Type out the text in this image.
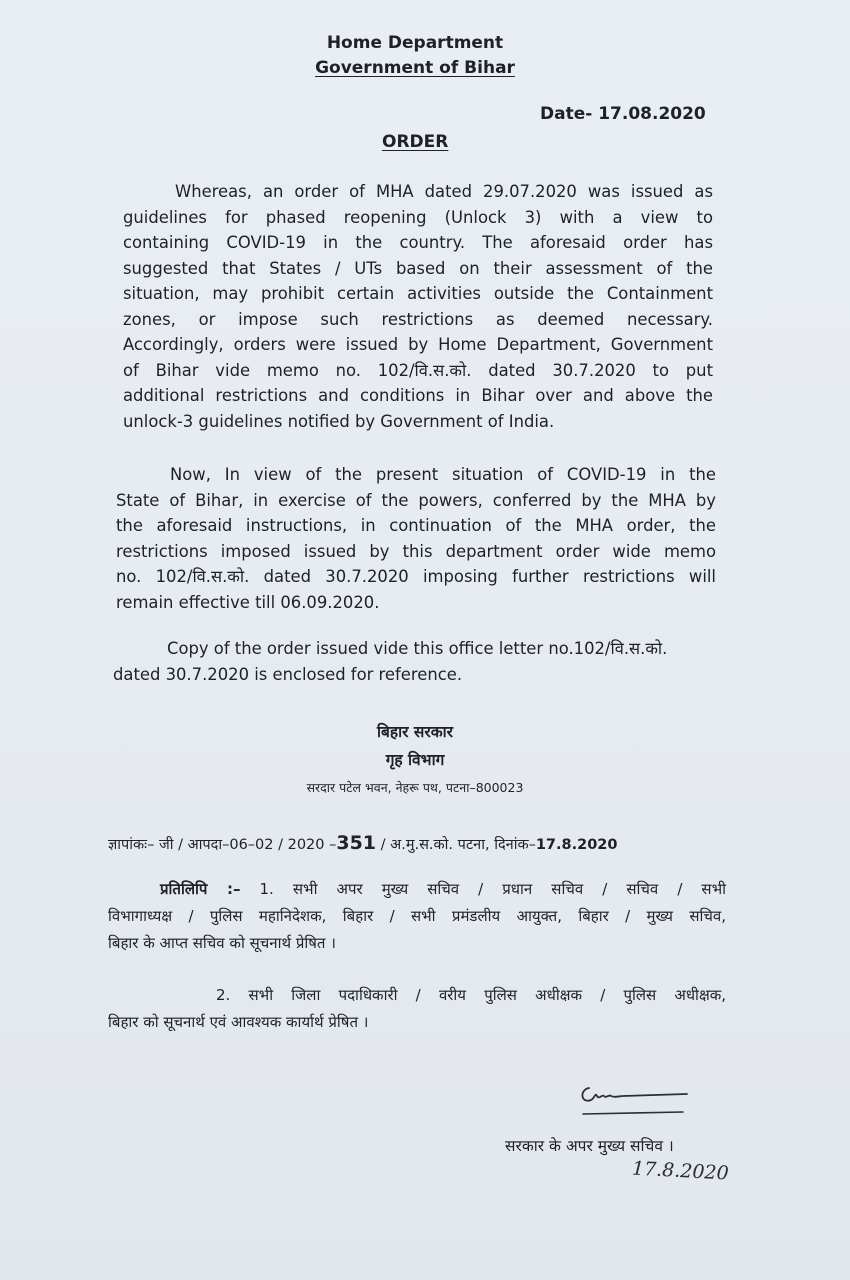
Home Department
Government of Bihar
Date- 17.08.2020
ORDER
Whereas, an order of MHA dated 29.07.2020 was issued as
guidelines for phased reopening (Unlock 3) with a view to
containing COVID-19 in the country. The aforesaid order has
suggested that States / UTs based on their assessment of the
situation, may prohibit certain activities outside the Containment
zones, or impose such restrictions as deemed necessary.
Accordingly, orders were issued by Home Department, Government
of Bihar vide memo no. 102/वि.स.को. dated 30.7.2020 to put
additional restrictions and conditions in Bihar over and above the
unlock-3 guidelines notified by Government of India.
Now, In view of the present situation of COVID-19 in the
State of Bihar, in exercise of the powers, conferred by the MHA by
the aforesaid instructions, in continuation of the MHA order, the
restrictions imposed issued by this department order wide memo
no. 102/वि.स.को. dated 30.7.2020 imposing further restrictions will
remain effective till 06.09.2020.
Copy of the order issued vide this office letter no.102/वि.स.को.
dated 30.7.2020 is enclosed for reference.
बिहार सरकार
गृह विभाग
सरदार पटेल भवन, नेहरू पथ, पटना–800023
ज्ञापांकः– जी / आपदा–06–02 / 2020 –351 / अ.मु.स.को. पटना, दिनांक–17.8.2020
प्रतिलिपि :– 1. सभी अपर मुख्य सचिव / प्रधान सचिव / सचिव / सभी
विभागाध्यक्ष / पुलिस महानिदेशक, बिहार / सभी प्रमंडलीय आयुक्त, बिहार / मुख्य सचिव,
बिहार के आप्त सचिव को सूचनार्थ प्रेषित ।
2. सभी जिला पदाधिकारी / वरीय पुलिस अधीक्षक / पुलिस अधीक्षक,
बिहार को सूचनार्थ एवं आवश्यक कार्यार्थ प्रेषित ।
सरकार के अपर मुख्य सचिव ।
17.8.2020
